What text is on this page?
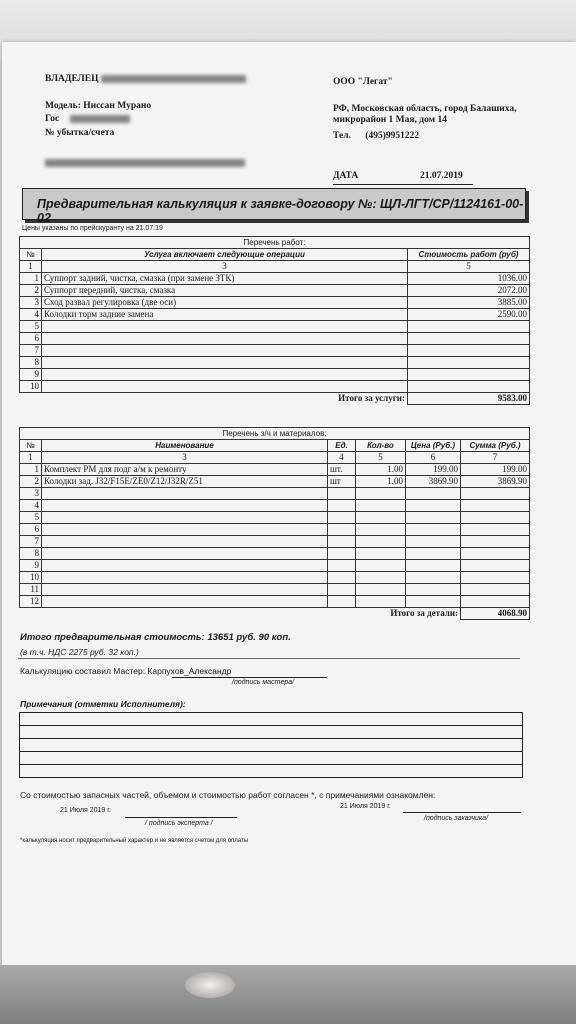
ВЛАДЕЛЕЦ
Модель: Ниссан Мурано
Гос
№ убытка/счета
ООО "Легат"
РФ, Московская область, город Балашиха,
микрорайон 1 Мая, дом 14
Тел. (495)9951222
ДАТА	21.07.2019
Предварительная калькуляция к заявке-договору №: ЩЛ-ЛГТ/СР/1124161-00-02
Цены указаны по прейскуранту на 21.07.19
Перечень работ:		
№	Услуга включает следующие операции	Стоимость работ (руб)
1	3	5
1	Суппорт задний, чистка, смазка (при замене ЗТК)	1036.00
2	Суппорт передний, чистка, смазка	2072.00
3	Сход развал регулировка (две оси)	3885.00
4	Колодки торм задние замена	2590.00
5		
6		
7		
8		
9		
10		
	Итого за услуги:	9583.00
Перечень з/ч и материалов:					
№	Наименование	Ед.	Кол-во	Цена (Руб.)	Сумма (Руб.)
1	3	4	5	6	7
1	Комплект РМ для подг а/м к ремонту	шт.	1.00	199.00	199.00
2	Колодки зад. J32/F15E/ZE0/Z12/J32R/Z51	шт	1.00	3869.90	3869.90
3					
4					
5					
6					
7					
8					
9					
10					
11					
12					
	Итого за детали:				4068.90
Итого предварительная стоимость: 13651 руб. 90 коп.
(в т.ч. НДС 2275 руб. 32 коп.)
Калькуляцию составил Мастер: Карпухов_Александр
/подпись мастера/
Примечания (отметки Исполнителя):
Со стоимостью запасных частей, объемом и стоимостью работ согласен *, с примечаниями ознакомлен:
21 Июля 2019 г.
/ подпись эксперта /
21 Июля 2019 г.
/подпись заказчика/
*калькуляция носит предварительный характер и не является счетом для оплаты
